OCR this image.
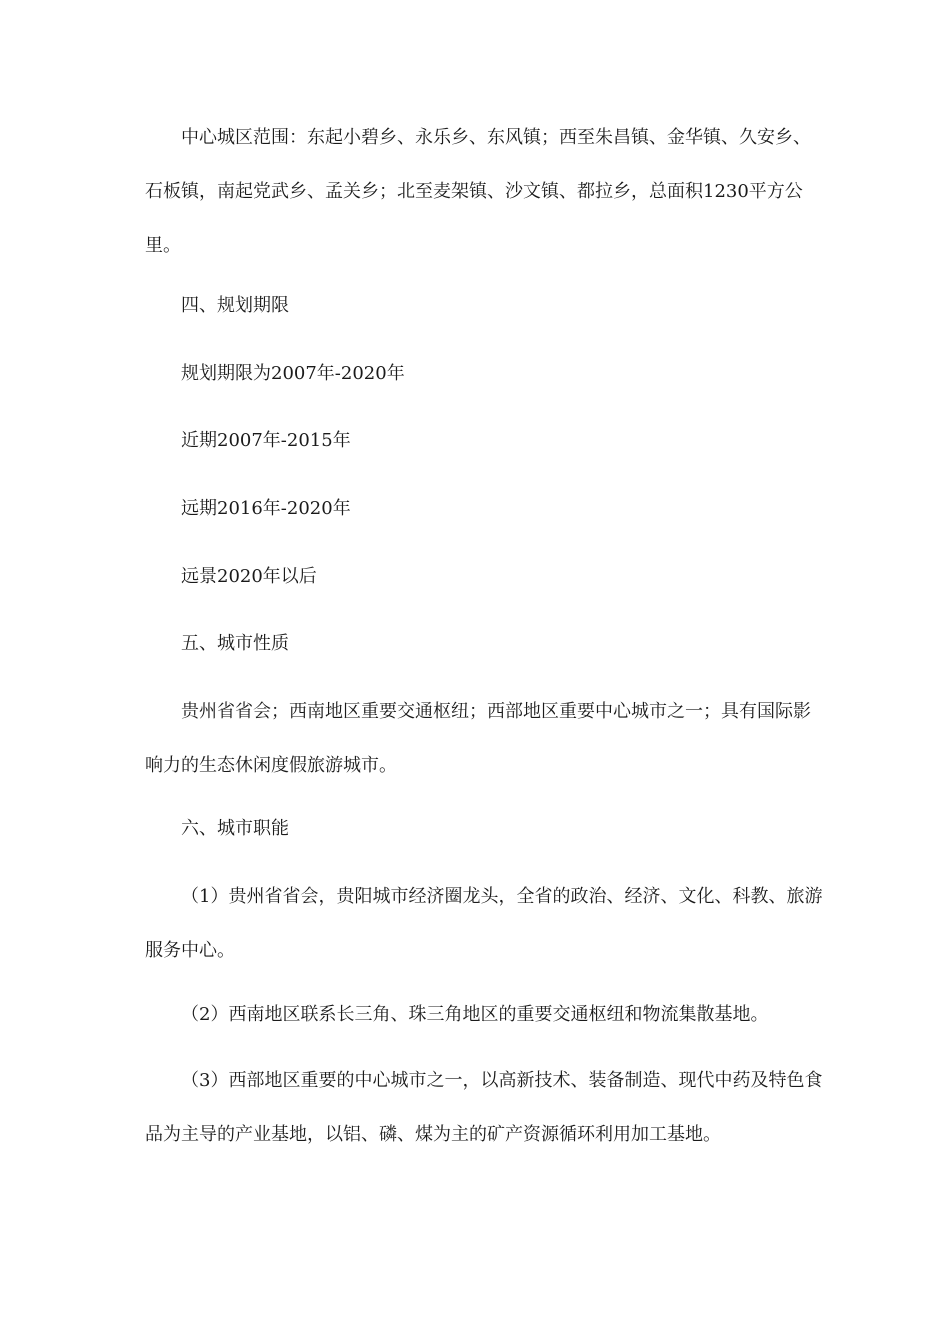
中心城区范围：东起小碧乡、永乐乡、东风镇；西至朱昌镇、金华镇、久安乡、石板镇，南起党武乡、孟关乡；北至麦架镇、沙文镇、都拉乡，总面积1230平方公里。

四、规划期限

规划期限为2007年-2020年

近期2007年-2015年

远期2016年-2020年

远景2020年以后

五、城市性质

贵州省省会；西南地区重要交通枢纽；西部地区重要中心城市之一；具有国际影响力的生态休闲度假旅游城市。

六、城市职能

（1）贵州省省会，贵阳城市经济圈龙头，全省的政治、经济、文化、科教、旅游服务中心。

（2）西南地区联系长三角、珠三角地区的重要交通枢纽和物流集散基地。

（3）西部地区重要的中心城市之一，以高新技术、装备制造、现代中药及特色食品为主导的产业基地，以铝、磷、煤为主的矿产资源循环利用加工基地。
